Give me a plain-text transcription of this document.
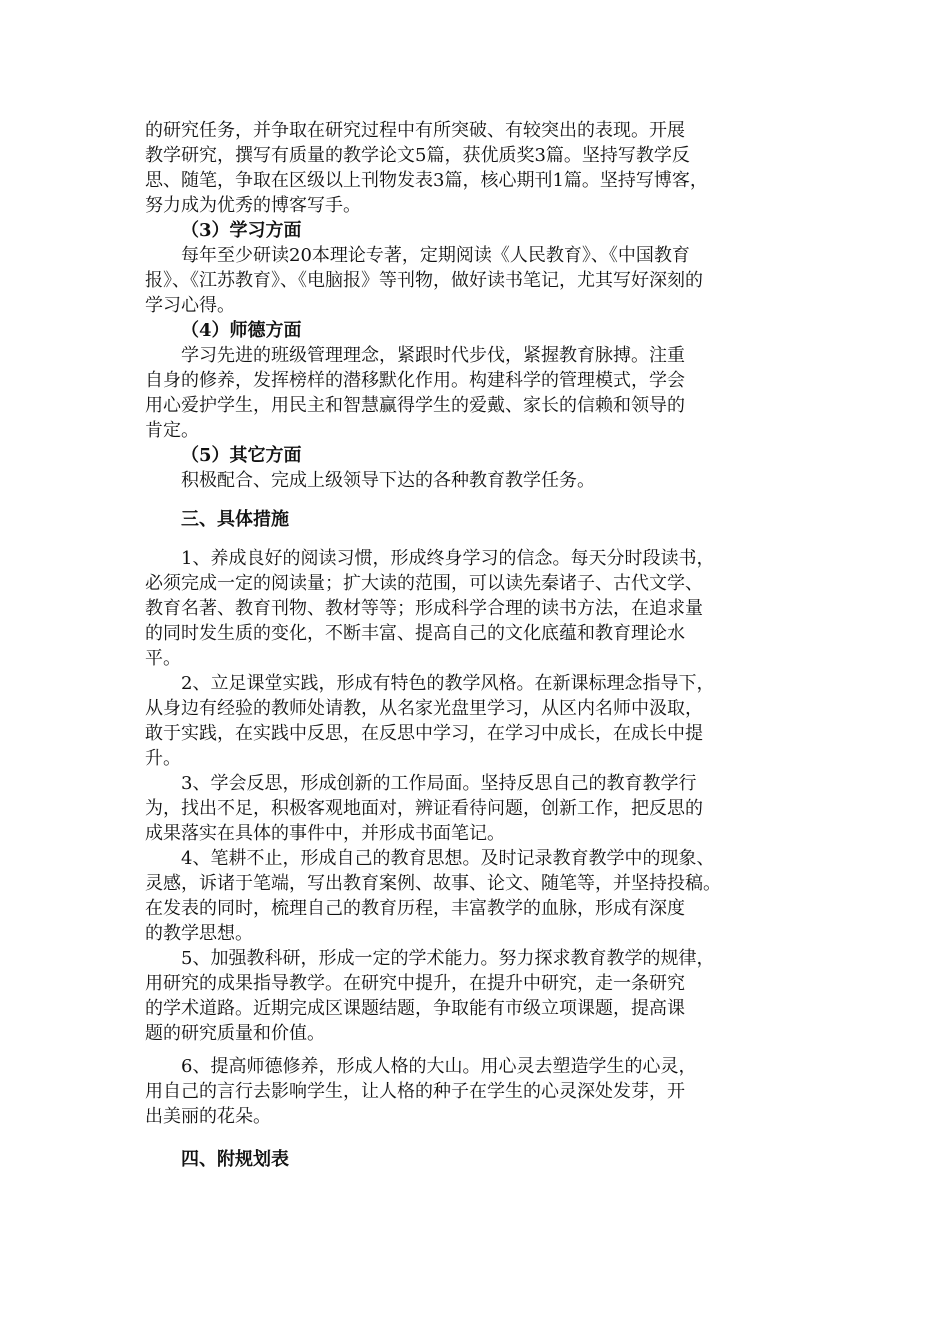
的研究任务，并争取在研究过程中有所突破、有较突出的表现。开展
教学研究，撰写有质量的教学论文5篇，获优质奖3篇。坚持写教学反
思、随笔，争取在区级以上刊物发表3篇，核心期刊1篇。坚持写博客，
努力成为优秀的博客写手。
（3）学习方面
每年至少研读20本理论专著，定期阅读《人民教育》、《中国教育
报》、《江苏教育》、《电脑报》等刊物，做好读书笔记，尤其写好深刻的
学习心得。
（4）师德方面
学习先进的班级管理理念，紧跟时代步伐，紧握教育脉搏。注重
自身的修养，发挥榜样的潜移默化作用。构建科学的管理模式，学会
用心爱护学生，用民主和智慧赢得学生的爱戴、家长的信赖和领导的
肯定。
（5）其它方面
积极配合、完成上级领导下达的各种教育教学任务。
三、具体措施
1、养成良好的阅读习惯，形成终身学习的信念。每天分时段读书，
必须完成一定的阅读量；扩大读的范围，可以读先秦诸子、古代文学、
教育名著、教育刊物、教材等等；形成科学合理的读书方法，在追求量
的同时发生质的变化，不断丰富、提高自己的文化底蕴和教育理论水
平。
2、立足课堂实践，形成有特色的教学风格。在新课标理念指导下，
从身边有经验的教师处请教，从名家光盘里学习，从区内名师中汲取，
敢于实践，在实践中反思，在反思中学习，在学习中成长，在成长中提
升。
3、学会反思，形成创新的工作局面。坚持反思自己的教育教学行
为，找出不足，积极客观地面对，辨证看待问题，创新工作，把反思的
成果落实在具体的事件中，并形成书面笔记。
4、笔耕不止，形成自己的教育思想。及时记录教育教学中的现象、
灵感，诉诸于笔端，写出教育案例、故事、论文、随笔等，并坚持投稿。
在发表的同时，梳理自己的教育历程，丰富教学的血脉，形成有深度
的教学思想。
5、加强教科研，形成一定的学术能力。努力探求教育教学的规律，
用研究的成果指导教学。在研究中提升，在提升中研究，走一条研究
的学术道路。近期完成区课题结题，争取能有市级立项课题，提高课
题的研究质量和价值。
6、提高师德修养，形成人格的大山。用心灵去塑造学生的心灵，
用自己的言行去影响学生，让人格的种子在学生的心灵深处发芽，开
出美丽的花朵。
四、附规划表
